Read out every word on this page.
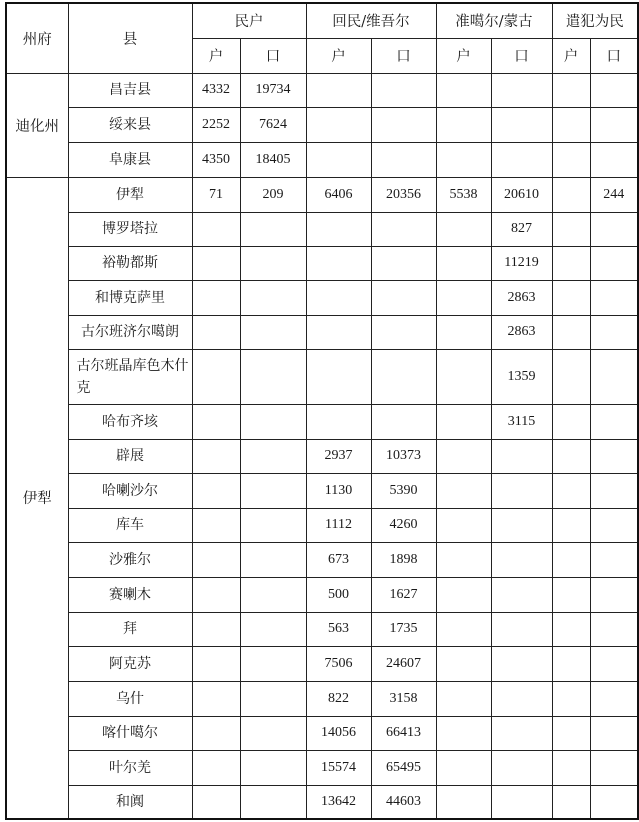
州府	县	民户		回民/维吾尔		准噶尔/蒙古		遣犯为民	
		户	口	户	口	户	口	户	口
迪化州	昌吉县	4332	19734						
	绥来县	2252	7624						
	阜康县	4350	18405						
伊犁	伊犁	71	209	6406	20356	5538	20610		244
	博罗塔拉						827		
	裕勒都斯						11219		
	和博克萨里						2863		
	古尔班济尔噶朗						2863		
	古尔班晶库色木什克						1359		
	哈布齐垓						3115		
	辟展			2937	10373				
	哈喇沙尔			1130	5390				
	库车			1112	4260				
	沙雅尔			673	1898				
	赛喇木			500	1627				
	拜			563	1735				
	阿克苏			7506	24607				
	乌什			822	3158				
	喀什噶尔			14056	66413				
	叶尔羌			15574	65495				
	和阗			13642	44603				
